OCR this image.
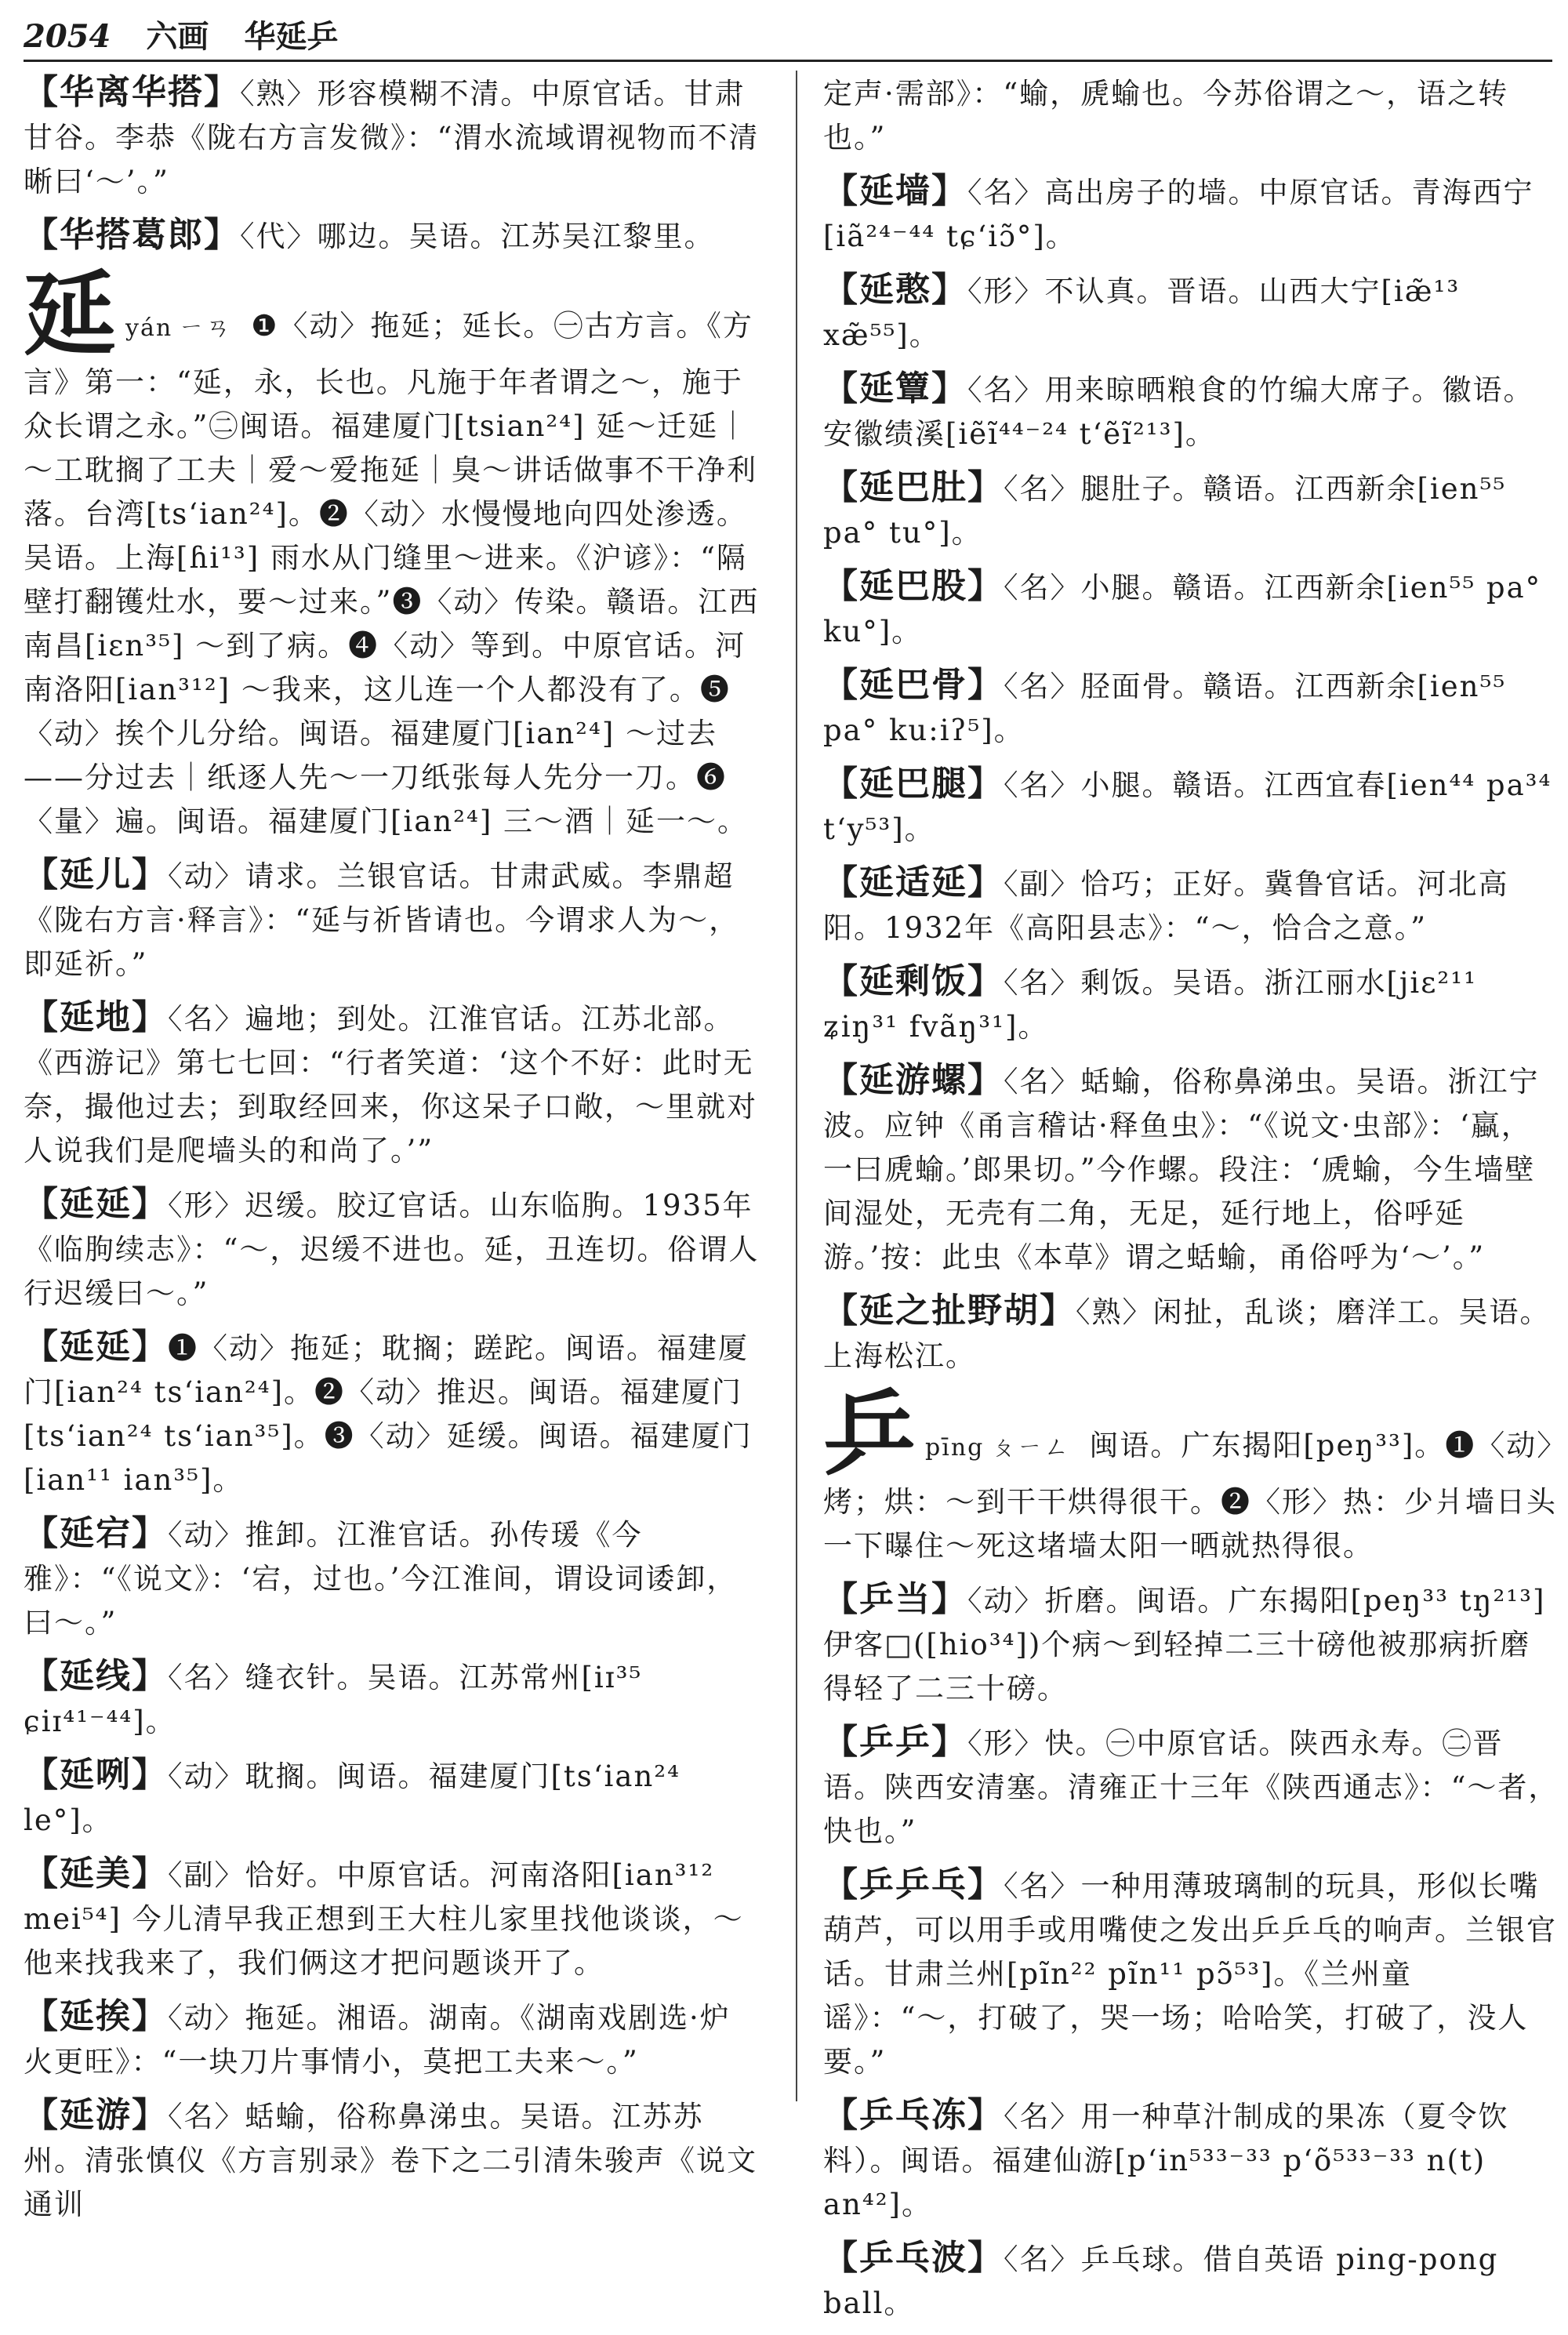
2054 六画 华延乒
【华离华搭】〈熟〉形容模糊不清。中原官话。甘肃甘谷。李恭《陇右方言发微》：“渭水流域谓视物而不清晰曰‘～’。”
【华搭葛郎】〈代〉哪边。吴语。江苏吴江黎里。
延yán ㄧㄢ ❶〈动〉拖延；延长。㊀古方言。《方言》第一：“延，永，长也。凡施于年者谓之～，施于众长谓之永。”㊁闽语。福建厦门[tsian²⁴] 延～迁延｜～工耽搁了工夫｜爱～爱拖延｜臭～讲话做事不干净利落。台湾[ts‘ian²⁴]。❷〈动〉水慢慢地向四处渗透。吴语。上海[ɦi¹³] 雨水从门缝里～进来。《沪谚》：“隔壁打翻镬灶水，要～过来。”❸〈动〉传染。赣语。江西南昌[iɛn³⁵] ～到了病。❹〈动〉等到。中原官话。河南洛阳[ian³¹²] ～我来，这儿连一个人都没有了。❺〈动〉挨个儿分给。闽语。福建厦门[ian²⁴] ～过去——分过去｜纸逐人先～一刀纸张每人先分一刀。❻〈量〉遍。闽语。福建厦门[ian²⁴] 三～酒｜延一～。
【延儿】〈动〉请求。兰银官话。甘肃武威。李鼎超《陇右方言·释言》：“延与祈皆请也。今谓求人为～，即延祈。”
【延地】〈名〉遍地；到处。江淮官话。江苏北部。《西游记》第七七回：“行者笑道：‘这个不好：此时无奈，撮他过去；到取经回来，你这呆子口敞，～里就对人说我们是爬墙头的和尚了。’”
【延延】〈形〉迟缓。胶辽官话。山东临朐。1935年《临朐续志》：“～，迟缓不进也。延，丑连切。俗谓人行迟缓曰～。”
【延延】❶〈动〉拖延；耽搁；蹉跎。闽语。福建厦门[ian²⁴ ts‘ian²⁴]。❷〈动〉推迟。闽语。福建厦门[ts‘ian²⁴ ts‘ian³⁵]。❸〈动〉延缓。闽语。福建厦门[ian¹¹ ian³⁵]。
【延宕】〈动〉推卸。江淮官话。孙传瑗《今雅》：“《说文》：‘宕，过也。’今江淮间，谓设词诿卸，曰～。”
【延线】〈名〉缝衣针。吴语。江苏常州[iɪ³⁵ ɕiɪ⁴¹⁻⁴⁴]。
【延咧】〈动〉耽搁。闽语。福建厦门[ts‘ian²⁴ le°]。
【延美】〈副〉恰好。中原官话。河南洛阳[ian³¹² mei⁵⁴] 今儿清早我正想到王大柱儿家里找他谈谈，～他来找我来了，我们俩这才把问题谈开了。
【延挨】〈动〉拖延。湘语。湖南。《湖南戏剧选·炉火更旺》：“一块刀片事情小，莫把工夫来～。”
【延游】〈名〉蛞蝓，俗称鼻涕虫。吴语。江苏苏州。清张慎仪《方言别录》卷下之二引清朱骏声《说文通训
定声·需部》：“蝓，虒蝓也。今苏俗谓之～，语之转也。”
【延墙】〈名〉高出房子的墙。中原官话。青海西宁[iã²⁴⁻⁴⁴ tɕ‘iɔ̃°]。
【延憨】〈形〉不认真。晋语。山西大宁[iæ̃¹³ xæ̃⁵⁵]。
【延簟】〈名〉用来晾晒粮食的竹编大席子。徽语。安徽绩溪[iẽĩ⁴⁴⁻²⁴ t‘ẽĩ²¹³]。
【延巴肚】〈名〉腿肚子。赣语。江西新余[ien⁵⁵ pa° tu°]。
【延巴股】〈名〉小腿。赣语。江西新余[ien⁵⁵ pa° ku°]。
【延巴骨】〈名〉胫面骨。赣语。江西新余[ien⁵⁵ pa° ku:iʔ⁵]。
【延巴腿】〈名〉小腿。赣语。江西宜春[ien⁴⁴ pa³⁴ t‘y⁵³]。
【延适延】〈副〉恰巧；正好。冀鲁官话。河北高阳。1932年《高阳县志》：“～，恰合之意。”
【延剩饭】〈名〉剩饭。吴语。浙江丽水[jiɛ²¹¹ ʑiŋ³¹ fvãŋ³¹]。
【延游螺】〈名〉蛞蝓，俗称鼻涕虫。吴语。浙江宁波。应钟《甬言稽诂·释鱼虫》：“《说文·虫部》：‘蠃，一曰虒蝓。’郎果切。”今作螺。段注：‘虒蝓，今生墙壁间湿处，无壳有二角，无足，延行地上，俗呼延游。’按：此虫《本草》谓之蛞蝓，甬俗呼为‘～’。”
【延之扯野胡】〈熟〉闲扯，乱谈；磨洋工。吴语。上海松江。
乒pīng ㄆㄧㄥ 闽语。广东揭阳[peŋ³³]。❶〈动〉烤；烘：～到干干烘得很干。❷〈形〉热：少爿墙日头一下曝住～死这堵墙太阳一晒就热得很。
【乒当】〈动〉折磨。闽语。广东揭阳[peŋ³³ tŋ²¹³] 伊客□([hio³⁴])个病～到轻掉二三十磅他被那病折磨得轻了二三十磅。
【乒乒】〈形〉快。㊀中原官话。陕西永寿。㊁晋语。陕西安清塞。清雍正十三年《陕西通志》：“～者，快也。”
【乒乒乓】〈名〉一种用薄玻璃制的玩具，形似长嘴葫芦，可以用手或用嘴使之发出乒乒乓的响声。兰银官话。甘肃兰州[pĩn²² pĩn¹¹ pɔ̃⁵³]。《兰州童谣》：“～，打破了，哭一场；哈哈笑，打破了，没人要。”
【乒乓冻】〈名〉用一种草汁制成的果冻（夏令饮料）。闽语。福建仙游[p‘in⁵³³⁻³³ p‘õ⁵³³⁻³³ n(t) an⁴²]。
【乒乓波】〈名〉乒乓球。借自英语 ping-pong ball。
